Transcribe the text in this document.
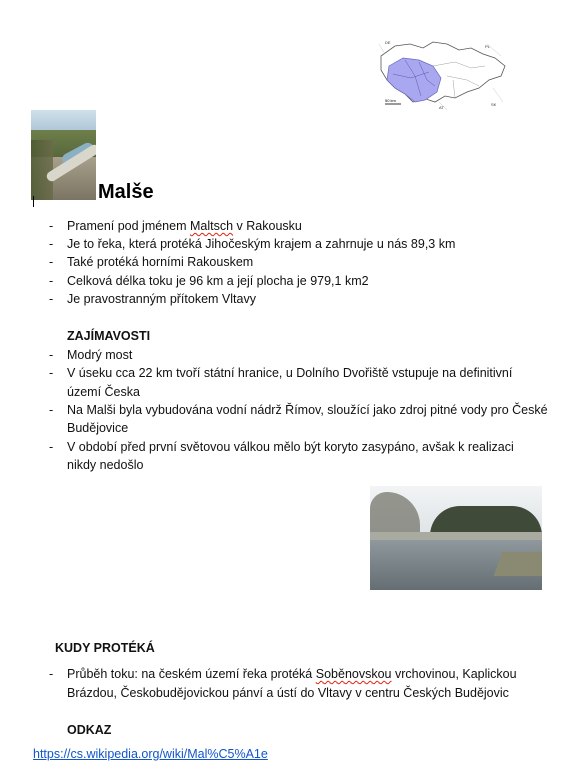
DE
PL
SK
AT
50 km
Malše
-	Pramení pod jménem Maltsch v Rakousku
-	Je to řeka, která protéká Jihočeským krajem a zahrnuje u nás 89,3 km
-	Také protéká horními Rakouskem
-	Celková délka toku je 96 km a její plocha je 979,1 km2
-	Je pravostranným přítokem Vltavy
ZAJÍMAVOSTI
-	Modrý most
-	V úseku cca 22 km tvoří státní hranice, u Dolního Dvořiště vstupuje na definitivní
území Česka
-	Na Malši byla vybudována vodní nádrž Římov, sloužící jako zdroj pitné vody pro České
Budějovice
-	V období před první světovou válkou mělo být koryto zasypáno, avšak k realizaci
nikdy nedošlo
KUDY PROTÉKÁ
-	Průběh toku: na českém území řeka protéká Soběnovskou vrchovinou, Kaplickou
Brázdou, Českobudějovickou pánví a ústí do Vltavy v centru Českých Budějovic
ODKAZ
https://cs.wikipedia.org/wiki/Mal%C5%A1e
